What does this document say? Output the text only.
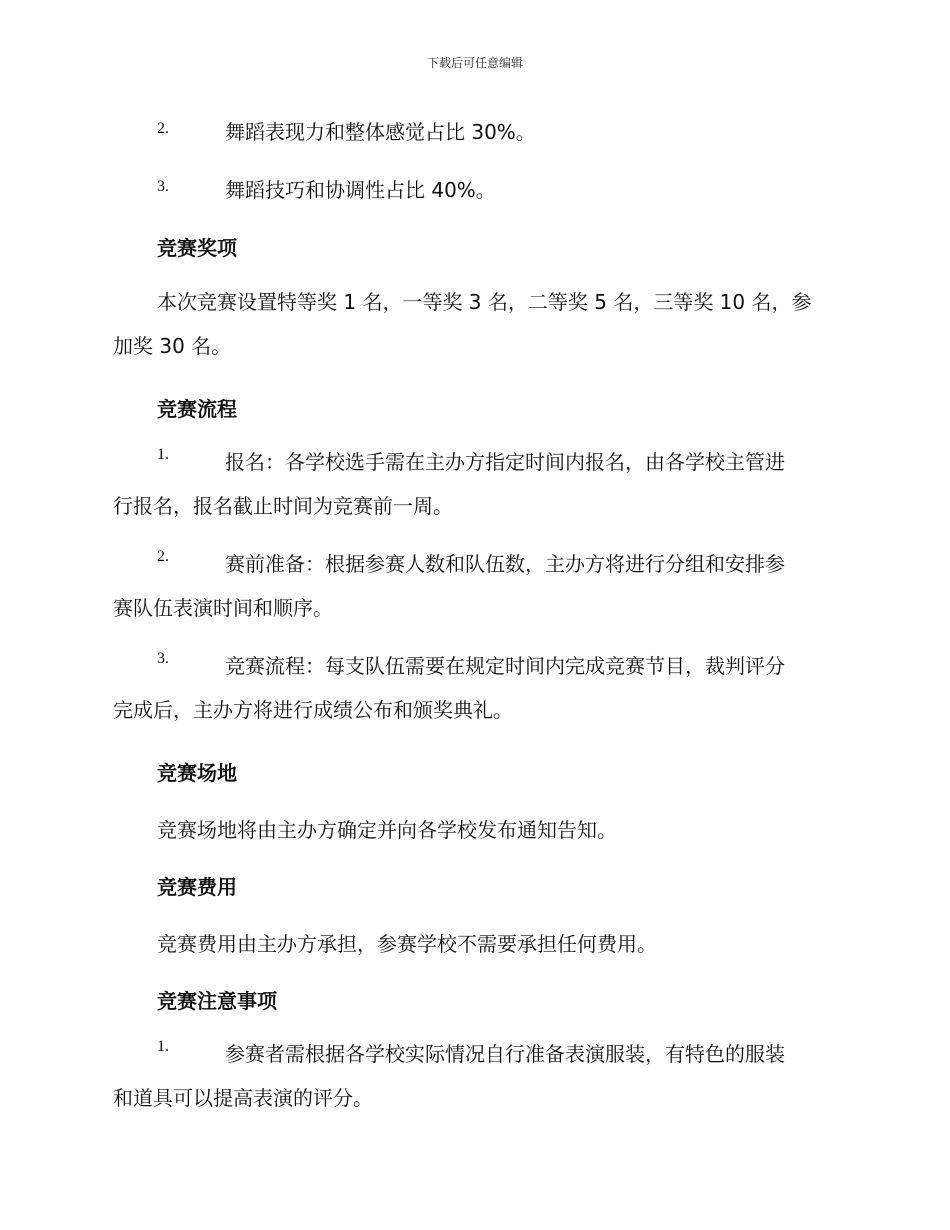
下载后可任意编辑
2.	舞蹈表现力和整体感觉占比 30%。
3.	舞蹈技巧和协调性占比 40%。
竞赛奖项
本次竞赛设置特等奖 1 名，一等奖 3 名，二等奖 5 名，三等奖 10 名，参
加奖 30 名。
竞赛流程
1.	报名：各学校选手需在主办方指定时间内报名，由各学校主管进
行报名，报名截止时间为竞赛前一周。
2.	赛前准备：根据参赛人数和队伍数，主办方将进行分组和安排参
赛队伍表演时间和顺序。
3.	竞赛流程：每支队伍需要在规定时间内完成竞赛节目，裁判评分
完成后，主办方将进行成绩公布和颁奖典礼。
竞赛场地
竞赛场地将由主办方确定并向各学校发布通知告知。
竞赛费用
竞赛费用由主办方承担，参赛学校不需要承担任何费用。
竞赛注意事项
1.	参赛者需根据各学校实际情况自行准备表演服装，有特色的服装
和道具可以提高表演的评分。
